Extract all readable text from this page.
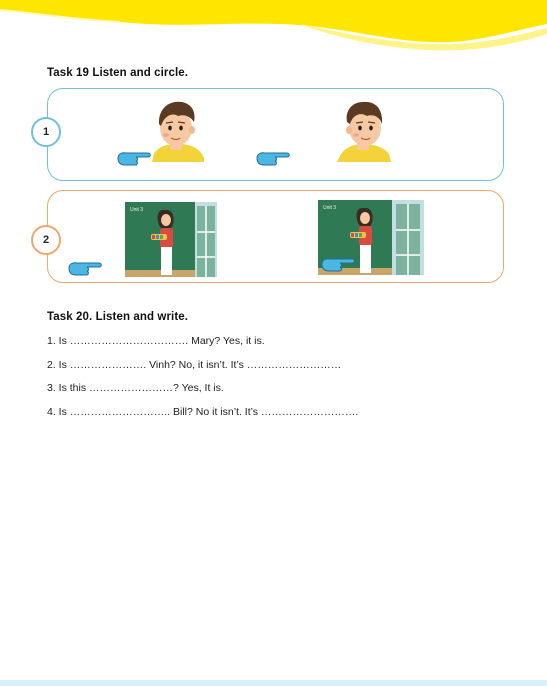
Task 19 Listen and circle.
1
2
Unit 3	Unit 3
Task 20. Listen and write.
1. Is ……………………………. Mary? Yes, it is.
2. Is …………………. Vinh? No, it isn’t. It’s ………………………
3. Is this ……………………? Yes, It is.
4. Is ……………………….. Bill? No it isn’t. It’s ……………………….
